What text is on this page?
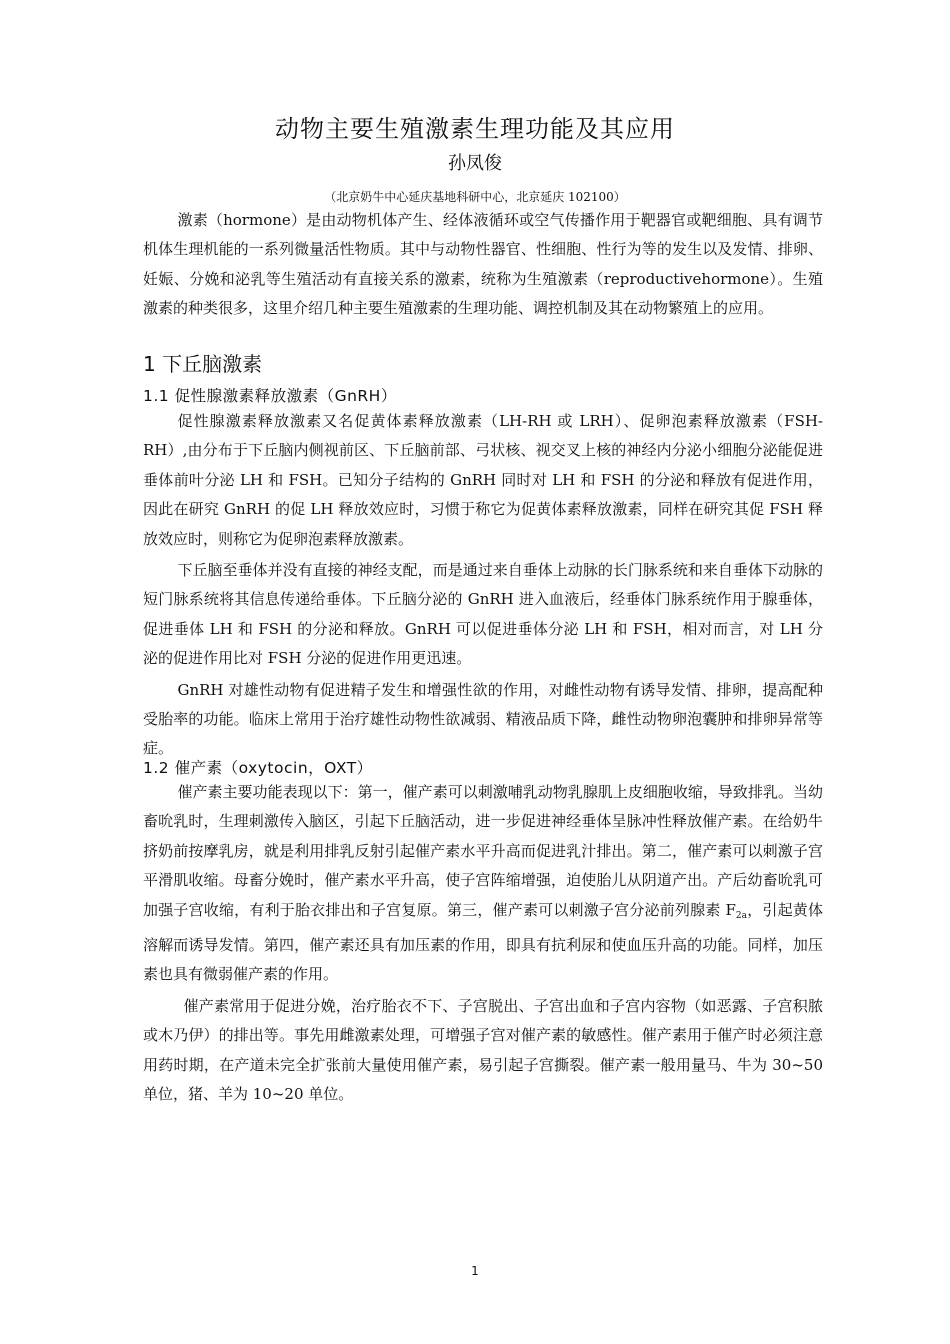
动物主要生殖激素生理功能及其应用
孙凤俊
（北京奶牛中心延庆基地科研中心，北京延庆 102100）

激素（hormone）是由动物机体产生、经体液循环或空气传播作用于靶器官或靶细胞、具有调节机体生理机能的一系列微量活性物质。其中与动物性器官、性细胞、性行为等的发生以及发情、排卵、妊娠、分娩和泌乳等生殖活动有直接关系的激素，统称为生殖激素（reproductivehormone）。生殖激素的种类很多，这里介绍几种主要生殖激素的生理功能、调控机制及其在动物繁殖上的应用。

1 下丘脑激素
1.1 促性腺激素释放激素（GnRH）

促性腺激素释放激素又名促黄体素释放激素（LH-RH 或 LRH）、促卵泡素释放激素（FSH-RH）,由分布于下丘脑内侧视前区、下丘脑前部、弓状核、视交叉上核的神经内分泌小细胞分泌能促进垂体前叶分泌 LH 和 FSH。已知分子结构的 GnRH 同时对 LH 和 FSH 的分泌和释放有促进作用，因此在研究 GnRH 的促 LH 释放效应时，习惯于称它为促黄体素释放激素，同样在研究其促 FSH 释放效应时，则称它为促卵泡素释放激素。

下丘脑至垂体并没有直接的神经支配，而是通过来自垂体上动脉的长门脉系统和来自垂体下动脉的短门脉系统将其信息传递给垂体。下丘脑分泌的 GnRH 进入血液后，经垂体门脉系统作用于腺垂体，促进垂体 LH 和 FSH 的分泌和释放。GnRH 可以促进垂体分泌 LH 和 FSH，相对而言，对 LH 分泌的促进作用比对 FSH 分泌的促进作用更迅速。

GnRH 对雄性动物有促进精子发生和增强性欲的作用，对雌性动物有诱导发情、排卵，提高配种受胎率的功能。临床上常用于治疗雄性动物性欲减弱、精液品质下降，雌性动物卵泡囊肿和排卵异常等症。

1.2 催产素（oxytocin，OXT）

催产素主要功能表现以下：第一，催产素可以刺激哺乳动物乳腺肌上皮细胞收缩，导致排乳。当幼畜吮乳时，生理刺激传入脑区，引起下丘脑活动，进一步促进神经垂体呈脉冲性释放催产素。在给奶牛挤奶前按摩乳房，就是利用排乳反射引起催产素水平升高而促进乳汁排出。第二，催产素可以刺激子宫平滑肌收缩。母畜分娩时，催产素水平升高，使子宫阵缩增强，迫使胎儿从阴道产出。产后幼畜吮乳可加强子宫收缩，有利于胎衣排出和子宫复原。第三，催产素可以刺激子宫分泌前列腺素 $F_{2a}$，引起黄体溶解而诱导发情。第四，催产素还具有加压素的作用，即具有抗利尿和使血压升高的功能。同样，加压素也具有微弱催产素的作用。

催产素常用于促进分娩，治疗胎衣不下、子宫脱出、子宫出血和子宫内容物（如恶露、子宫积脓或木乃伊）的排出等。事先用雌激素处理，可增强子宫对催产素的敏感性。催产素用于催产时必须注意用药时期，在产道未完全扩张前大量使用催产素，易引起子宫撕裂。催产素一般用量马、牛为 30~50 单位，猪、羊为 10~20 单位。

1
